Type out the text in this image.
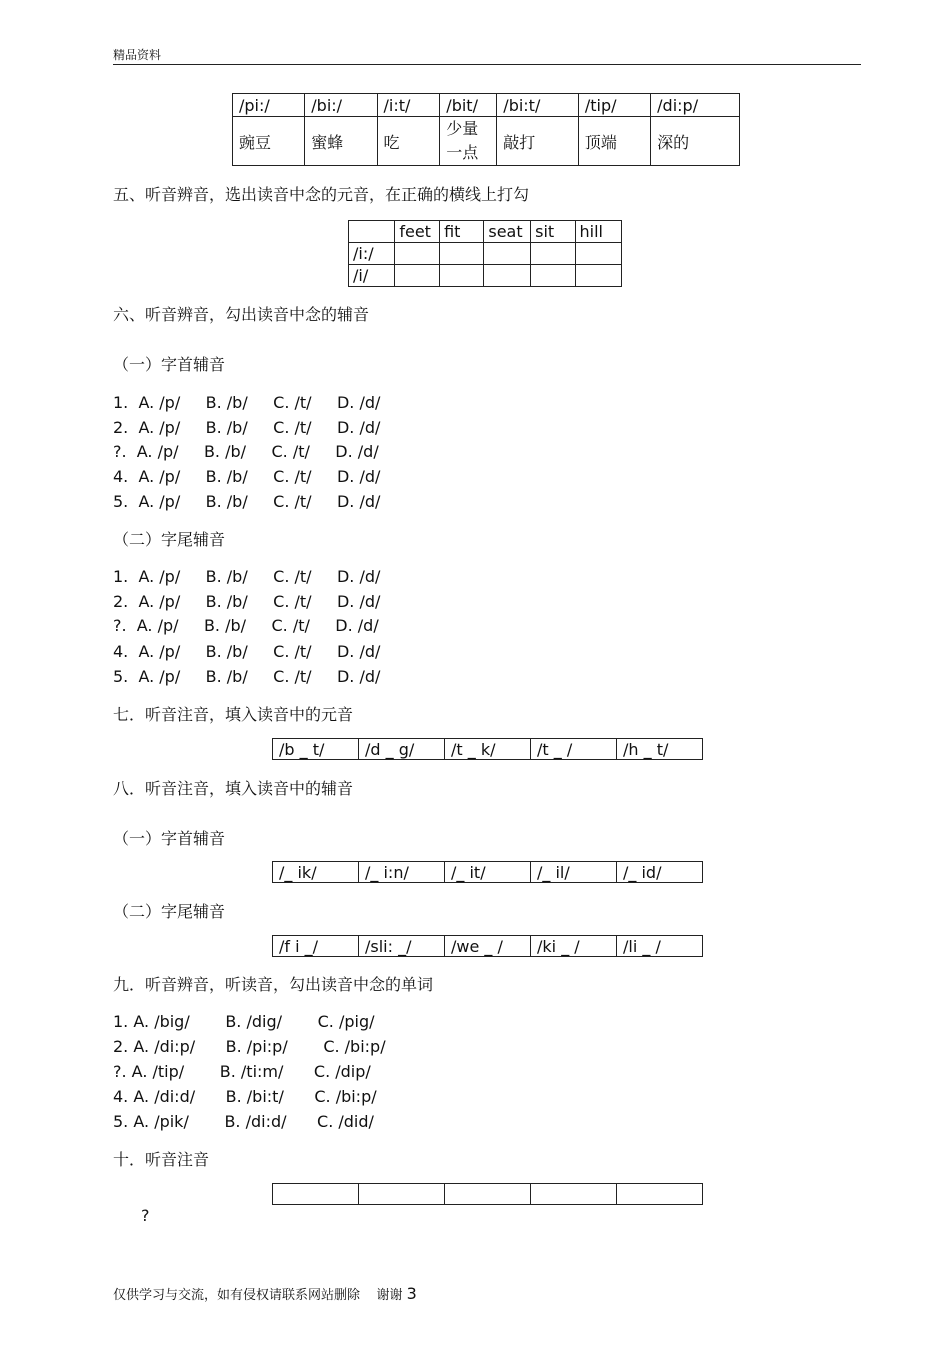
精品资料
/pi:/	/bi:/	/i:t/	/bit/	/bi:t/	/tip/	/di:p/
豌豆	蜜蜂	吃	少量一点	敲打	顶端	深的
五、听音辨音，选出读音中念的元音，在正确的横线上打勾
	feet	fit	seat	sit	hill
/i:/					
/i/					
六、听音辨音，勾出读音中念的辅音
（一）字首辅音
1.  A. /p/     B. /b/     C. /t/     D. /d/
2.  A. /p/     B. /b/     C. /t/     D. /d/
?.  A. /p/     B. /b/     C. /t/     D. /d/
4.  A. /p/     B. /b/     C. /t/     D. /d/
5.  A. /p/     B. /b/     C. /t/     D. /d/
（二）字尾辅音
1.  A. /p/     B. /b/     C. /t/     D. /d/
2.  A. /p/     B. /b/     C. /t/     D. /d/
?.  A. /p/     B. /b/     C. /t/     D. /d/
4.  A. /p/     B. /b/     C. /t/     D. /d/
5.  A. /p/     B. /b/     C. /t/     D. /d/
七．听音注音，填入读音中的元音
/b _ t/	/d _ g/	/t _ k/	/t _ /	/h _ t/
八．听音注音，填入读音中的辅音
（一）字首辅音
/_ ik/	/_ i:n/	/_ it/	/_ il/	/_ id/
（二）字尾辅音
/f i _/	/sli: _/	/we _ /	/ki _ /	/li _ /
九．听音辨音，听读音，勾出读音中念的单词
1. A. /big/       B. /dig/       C. /pig/
2. A. /di:p/      B. /pi:p/       C. /bi:p/
?. A. /tip/       B. /ti:m/      C. /dip/
4. A. /di:d/      B. /bi:t/      C. /bi:p/
5. A. /pik/       B. /di:d/      C. /did/
十．听音注音

?
仅供学习与交流，如有侵权请联系网站删除    谢谢 3
